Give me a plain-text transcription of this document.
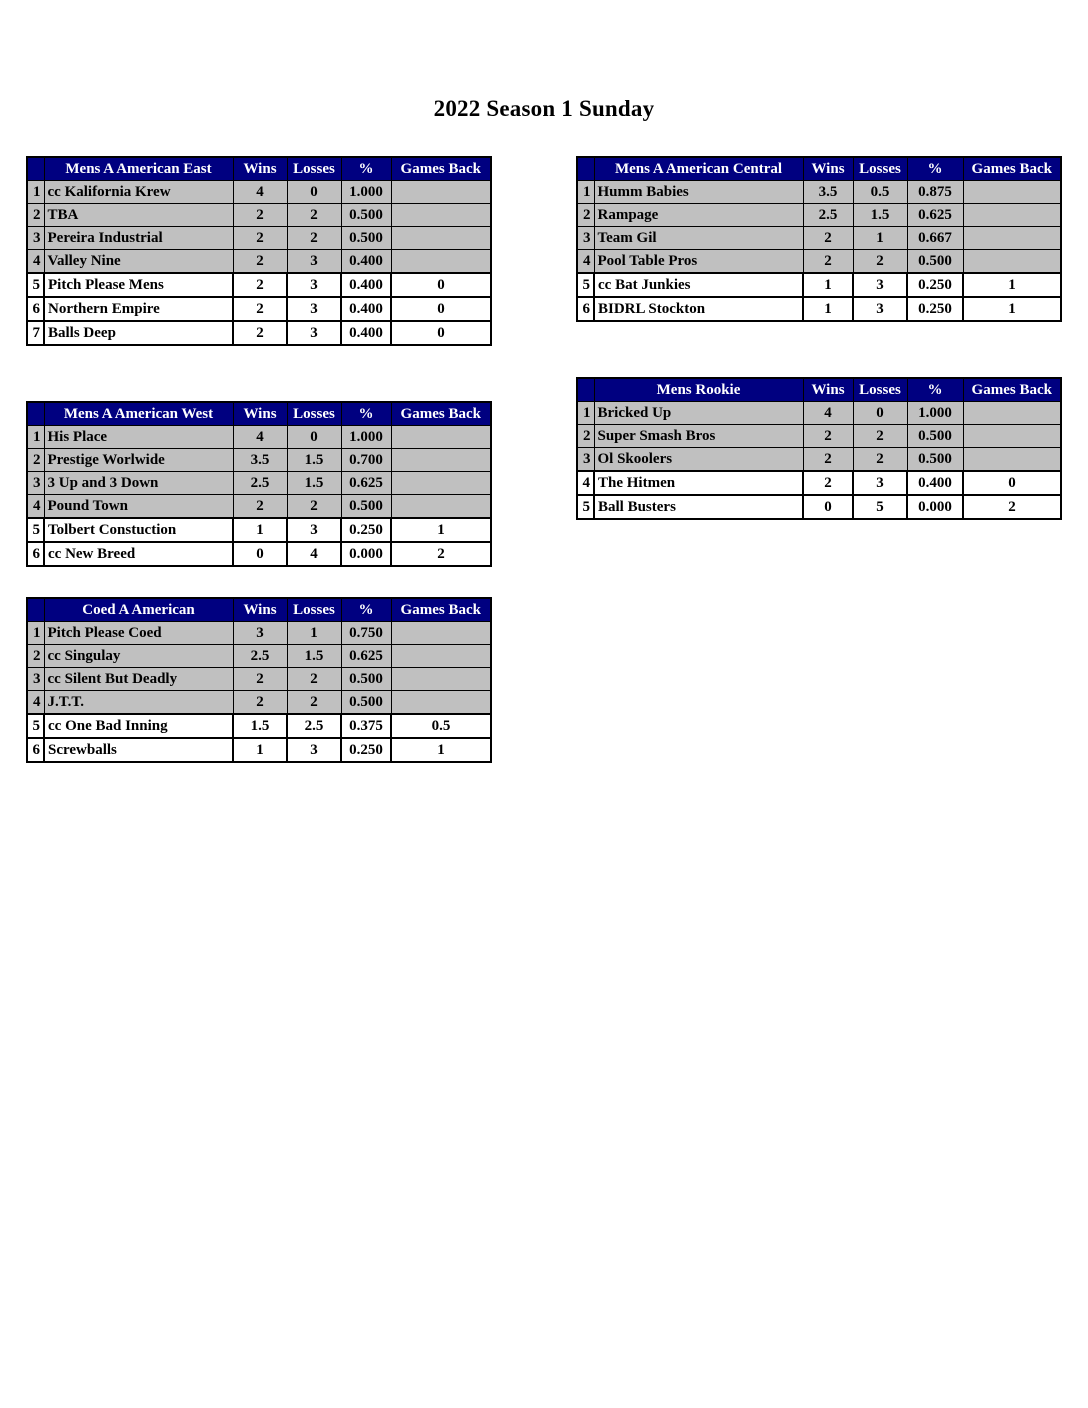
2022 Season 1 Sunday
	Mens A American East	Wins	Losses	%	Games Back
1	cc Kalifornia Krew	4	0	1.000	
2	TBA	2	2	0.500	
3	Pereira Industrial	2	2	0.500	
4	Valley Nine	2	3	0.400	
5	Pitch Please Mens	2	3	0.400	0
6	Northern Empire	2	3	0.400	0
7	Balls Deep	2	3	0.400	0
	Mens A American Central	Wins	Losses	%	Games Back
1	Humm Babies	3.5	0.5	0.875	
2	Rampage	2.5	1.5	0.625	
3	Team Gil	2	1	0.667	
4	Pool Table Pros	2	2	0.500	
5	cc Bat Junkies	1	3	0.250	1
6	BIDRL Stockton	1	3	0.250	1
	Mens Rookie	Wins	Losses	%	Games Back
1	Bricked Up	4	0	1.000	
2	Super Smash Bros	2	2	0.500	
3	Ol Skoolers	2	2	0.500	
4	The Hitmen	2	3	0.400	0
5	Ball Busters	0	5	0.000	2
	Mens A American West	Wins	Losses	%	Games Back
1	His Place	4	0	1.000	
2	Prestige Worlwide	3.5	1.5	0.700	
3	3 Up and 3 Down	2.5	1.5	0.625	
4	Pound Town	2	2	0.500	
5	Tolbert Constuction	1	3	0.250	1
6	cc New Breed	0	4	0.000	2
	Coed A American	Wins	Losses	%	Games Back
1	Pitch Please Coed	3	1	0.750	
2	cc Singulay	2.5	1.5	0.625	
3	cc Silent But Deadly	2	2	0.500	
4	J.T.T.	2	2	0.500	
5	cc One Bad Inning	1.5	2.5	0.375	0.5
6	Screwballs	1	3	0.250	1
